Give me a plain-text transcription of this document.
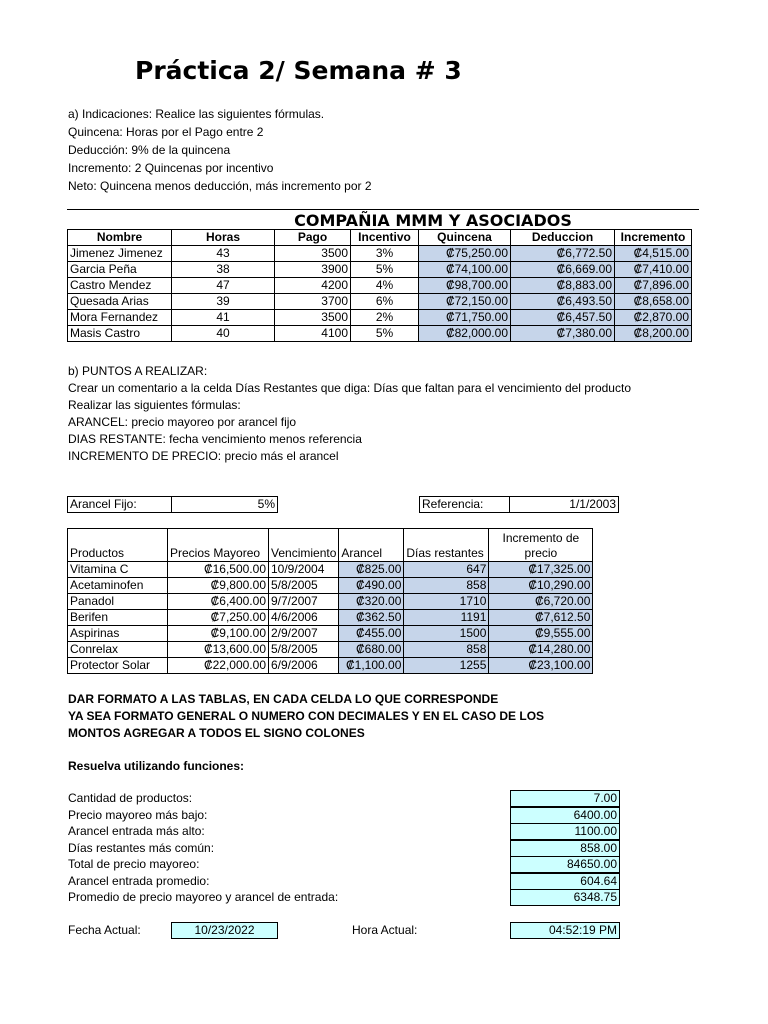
Práctica 2/ Semana # 3
a) Indicaciones: Realice las siguientes fórmulas.
Quincena: Horas por el Pago entre 2
Deducción: 9% de la quincena
Incremento: 2 Quincenas por incentivo
Neto: Quincena menos deducción, más incremento por 2
COMPAÑIA MMM Y ASOCIADOS
Nombre	Horas	Pago	Incentivo	Quincena	Deduccion	Incremento
Jimenez Jimenez	43	3500	3%	₡75,250.00	₡6,772.50	₡4,515.00
Garcia Peña	38	3900	5%	₡74,100.00	₡6,669.00	₡7,410.00
Castro Mendez	47	4200	4%	₡98,700.00	₡8,883.00	₡7,896.00
Quesada Arias	39	3700	6%	₡72,150.00	₡6,493.50	₡8,658.00
Mora Fernandez	41	3500	2%	₡71,750.00	₡6,457.50	₡2,870.00
Masis Castro	40	4100	5%	₡82,000.00	₡7,380.00	₡8,200.00
b) PUNTOS A REALIZAR:
Crear un comentario a la celda Días Restantes que diga: Días que faltan para el vencimiento del producto
Realizar las siguientes fórmulas:
ARANCEL: precio mayoreo por arancel fijo
DIAS RESTANTE: fecha vencimiento menos referencia
INCREMENTO DE PRECIO: precio más el arancel
Arancel Fijo:	5%	Referencia:	1/1/2003
Productos	Precios Mayoreo	Vencimiento	Arancel	Días restantes	Incremento de precio
Vitamina C	₡16,500.00	10/9/2004	₡825.00	647	₡17,325.00
Acetaminofen	₡9,800.00	5/8/2005	₡490.00	858	₡10,290.00
Panadol	₡6,400.00	9/7/2007	₡320.00	1710	₡6,720.00
Berifen	₡7,250.00	4/6/2006	₡362.50	1191	₡7,612.50
Aspirinas	₡9,100.00	2/9/2007	₡455.00	1500	₡9,555.00
Conrelax	₡13,600.00	5/8/2005	₡680.00	858	₡14,280.00
Protector Solar	₡22,000.00	6/9/2006	₡1,100.00	1255	₡23,100.00
DAR FORMATO A LAS TABLAS, EN CADA CELDA LO QUE CORRESPONDE
YA SEA FORMATO GENERAL O NUMERO CON DECIMALES Y EN EL CASO DE LOS
MONTOS AGREGAR A TODOS EL SIGNO COLONES
Resuelva utilizando funciones:
Cantidad de productos:	7.00
Precio mayoreo más bajo:	6400.00
Arancel entrada más alto:	1100.00
Días restantes más común:	858.00
Total de precio mayoreo:	84650.00
Arancel entrada promedio:	604.64
Promedio de precio mayoreo y arancel de entrada:	6348.75
Fecha Actual:	10/23/2022	Hora Actual:	04:52:19 PM
